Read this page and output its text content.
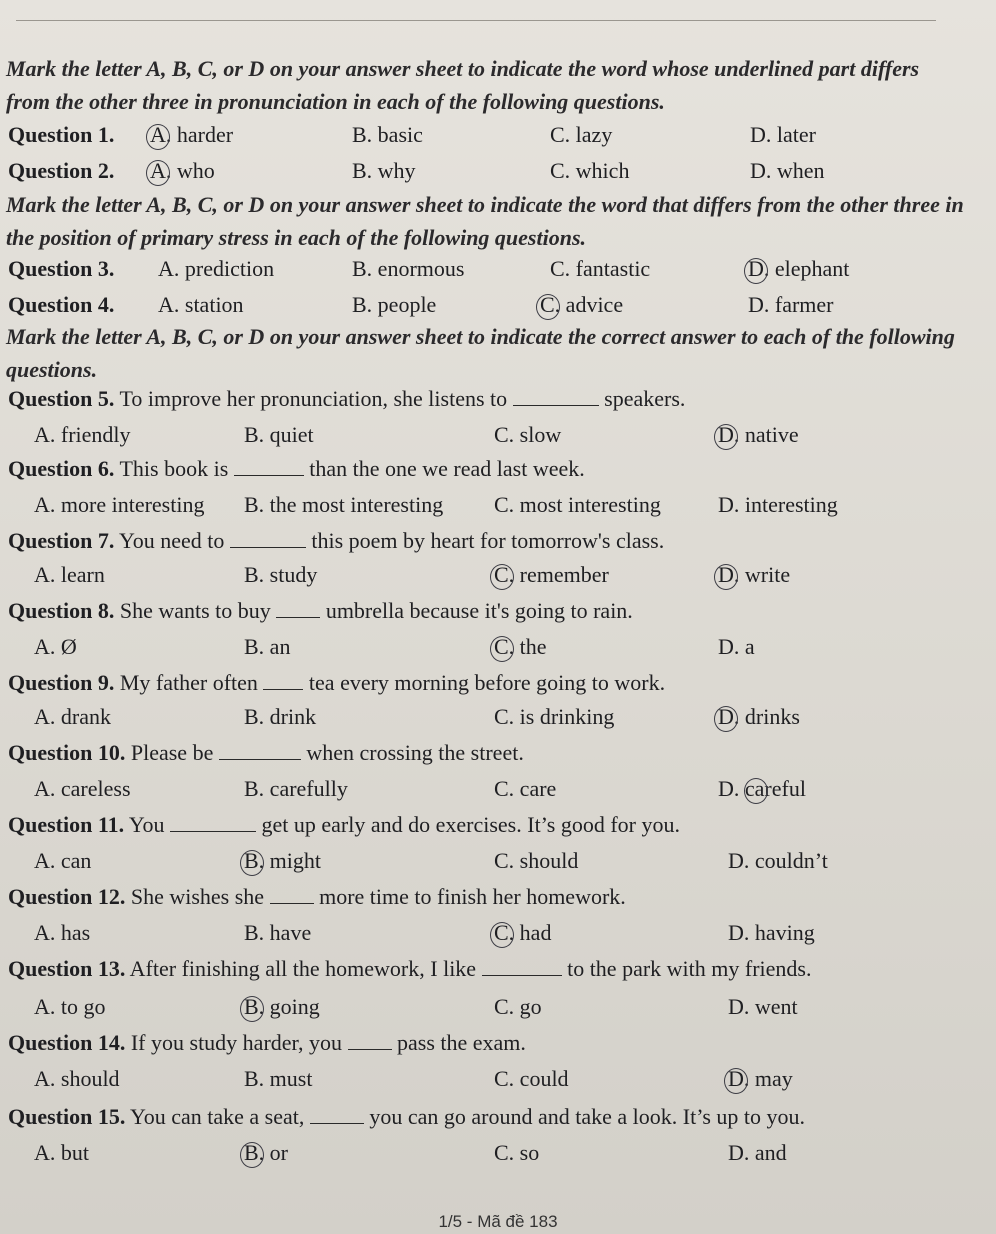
Mark the letter A, B, C, or D on your answer sheet to indicate the word whose underlined part differs from the other three in pronunciation in each of the following questions.
Question 1. A. harder	B. basic	C. lazy	D. later
Question 2. A. who	B. why	C. which	D. when
Mark the letter A, B, C, or D on your answer sheet to indicate the word that differs from the other three in the position of primary stress in each of the following questions.
Question 3. A. prediction	B. enormous	C. fantastic	D. elephant
Question 4. A. station	B. people	C. advice	D. farmer
Mark the letter A, B, C, or D on your answer sheet to indicate the correct answer to each of the following questions.
Question 5. To improve her pronunciation, she listens to	speakers.
A. friendly	B. quiet	C. slow	D. native
Question 6. This book is	than the one we read last week.
A. more interesting B. the most interesting C. most interesting	D. interesting
Question 7. You need to	this poem by heart for tomorrow's class.
A. learn	B. study	C. remember	D. write
Question 8. She wants to buy	umbrella because it's going to rain.
A. Ø	B. an	C. the	D. a
Question 9. My father often tea every morning before going to work.
A. drank	B. drink	C. is drinking	D. drinks
Question 10. Please be	when crossing the street.
A. careless	B. carefully	C. care	D. careful
Question 11. You	get up early and do exercises. It’s good for you.
A. can	B. might	C. should	D. couldn’t
Question 12. She wishes she	more time to finish her homework.
A. has	B. have	C. had	D. having
Question 13. After finishing all the homework, I like	to the park with my friends.
A. to go	B. going	C. go	D. went
Question 14. If you study harder, you	pass the exam.
A. should	B. must	C. could	D. may
Question 15. You can take a seat,	you can go around and take a look. It’s up to you.
A. but	B. or	C. so	D. and
1/5 - Mã đề 183
